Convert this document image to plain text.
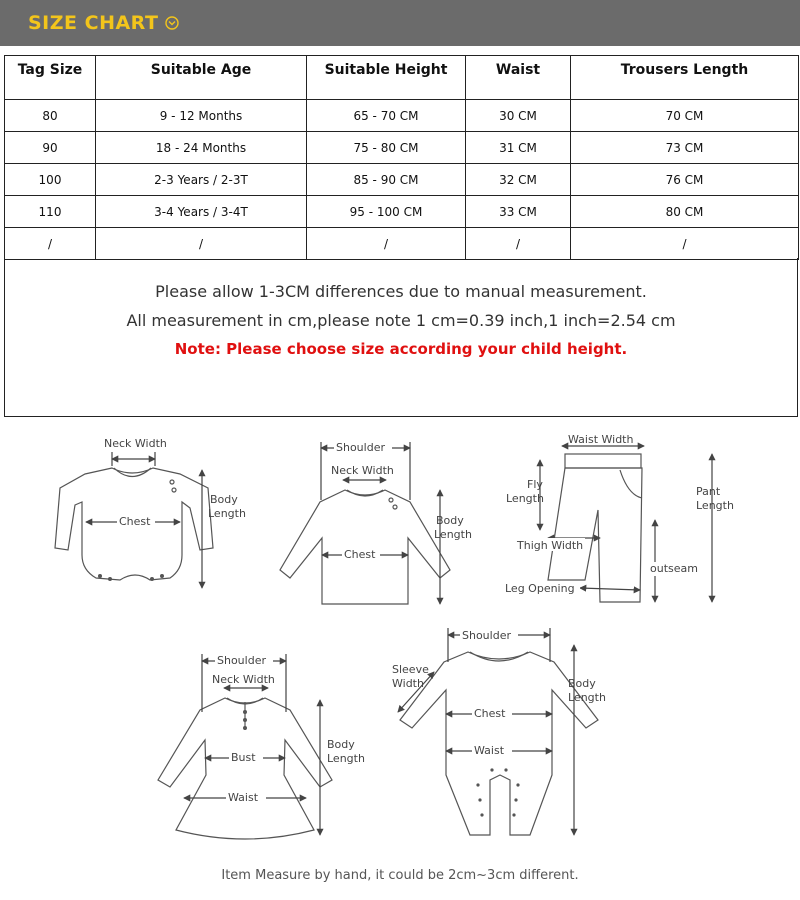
SIZE CHART
Tag Size	Suitable Age	Suitable Height	Waist	Trousers Length
80	9 - 12 Months	65 - 70 CM	30 CM	70 CM
90	18 - 24 Months	75 - 80 CM	31 CM	73 CM
100	2-3 Years / 2-3T	85 - 90 CM	32 CM	76 CM
110	3-4 Years / 3-4T	95 - 100 CM	33 CM	80 CM
/	/	/	/	/
Please allow 1-3CM differences due to manual measurement.
All measurement in cm,please note 1 cm=0.39 inch,1 inch=2.54 cm
Note: Please choose size according your child height.
Neck Width
Chest
Body
Length
Shoulder
Neck Width
Chest
Body
Length
Waist Width
Fly
Length
Thigh Width
Leg Opening
outseam
Pant
Length
Shoulder
Neck Width
Bust
Waist
Body
Length
Shoulder
Sleeve
Width
Chest
Waist
Body
Length
Item Measure by hand, it could be 2cm~3cm different.
